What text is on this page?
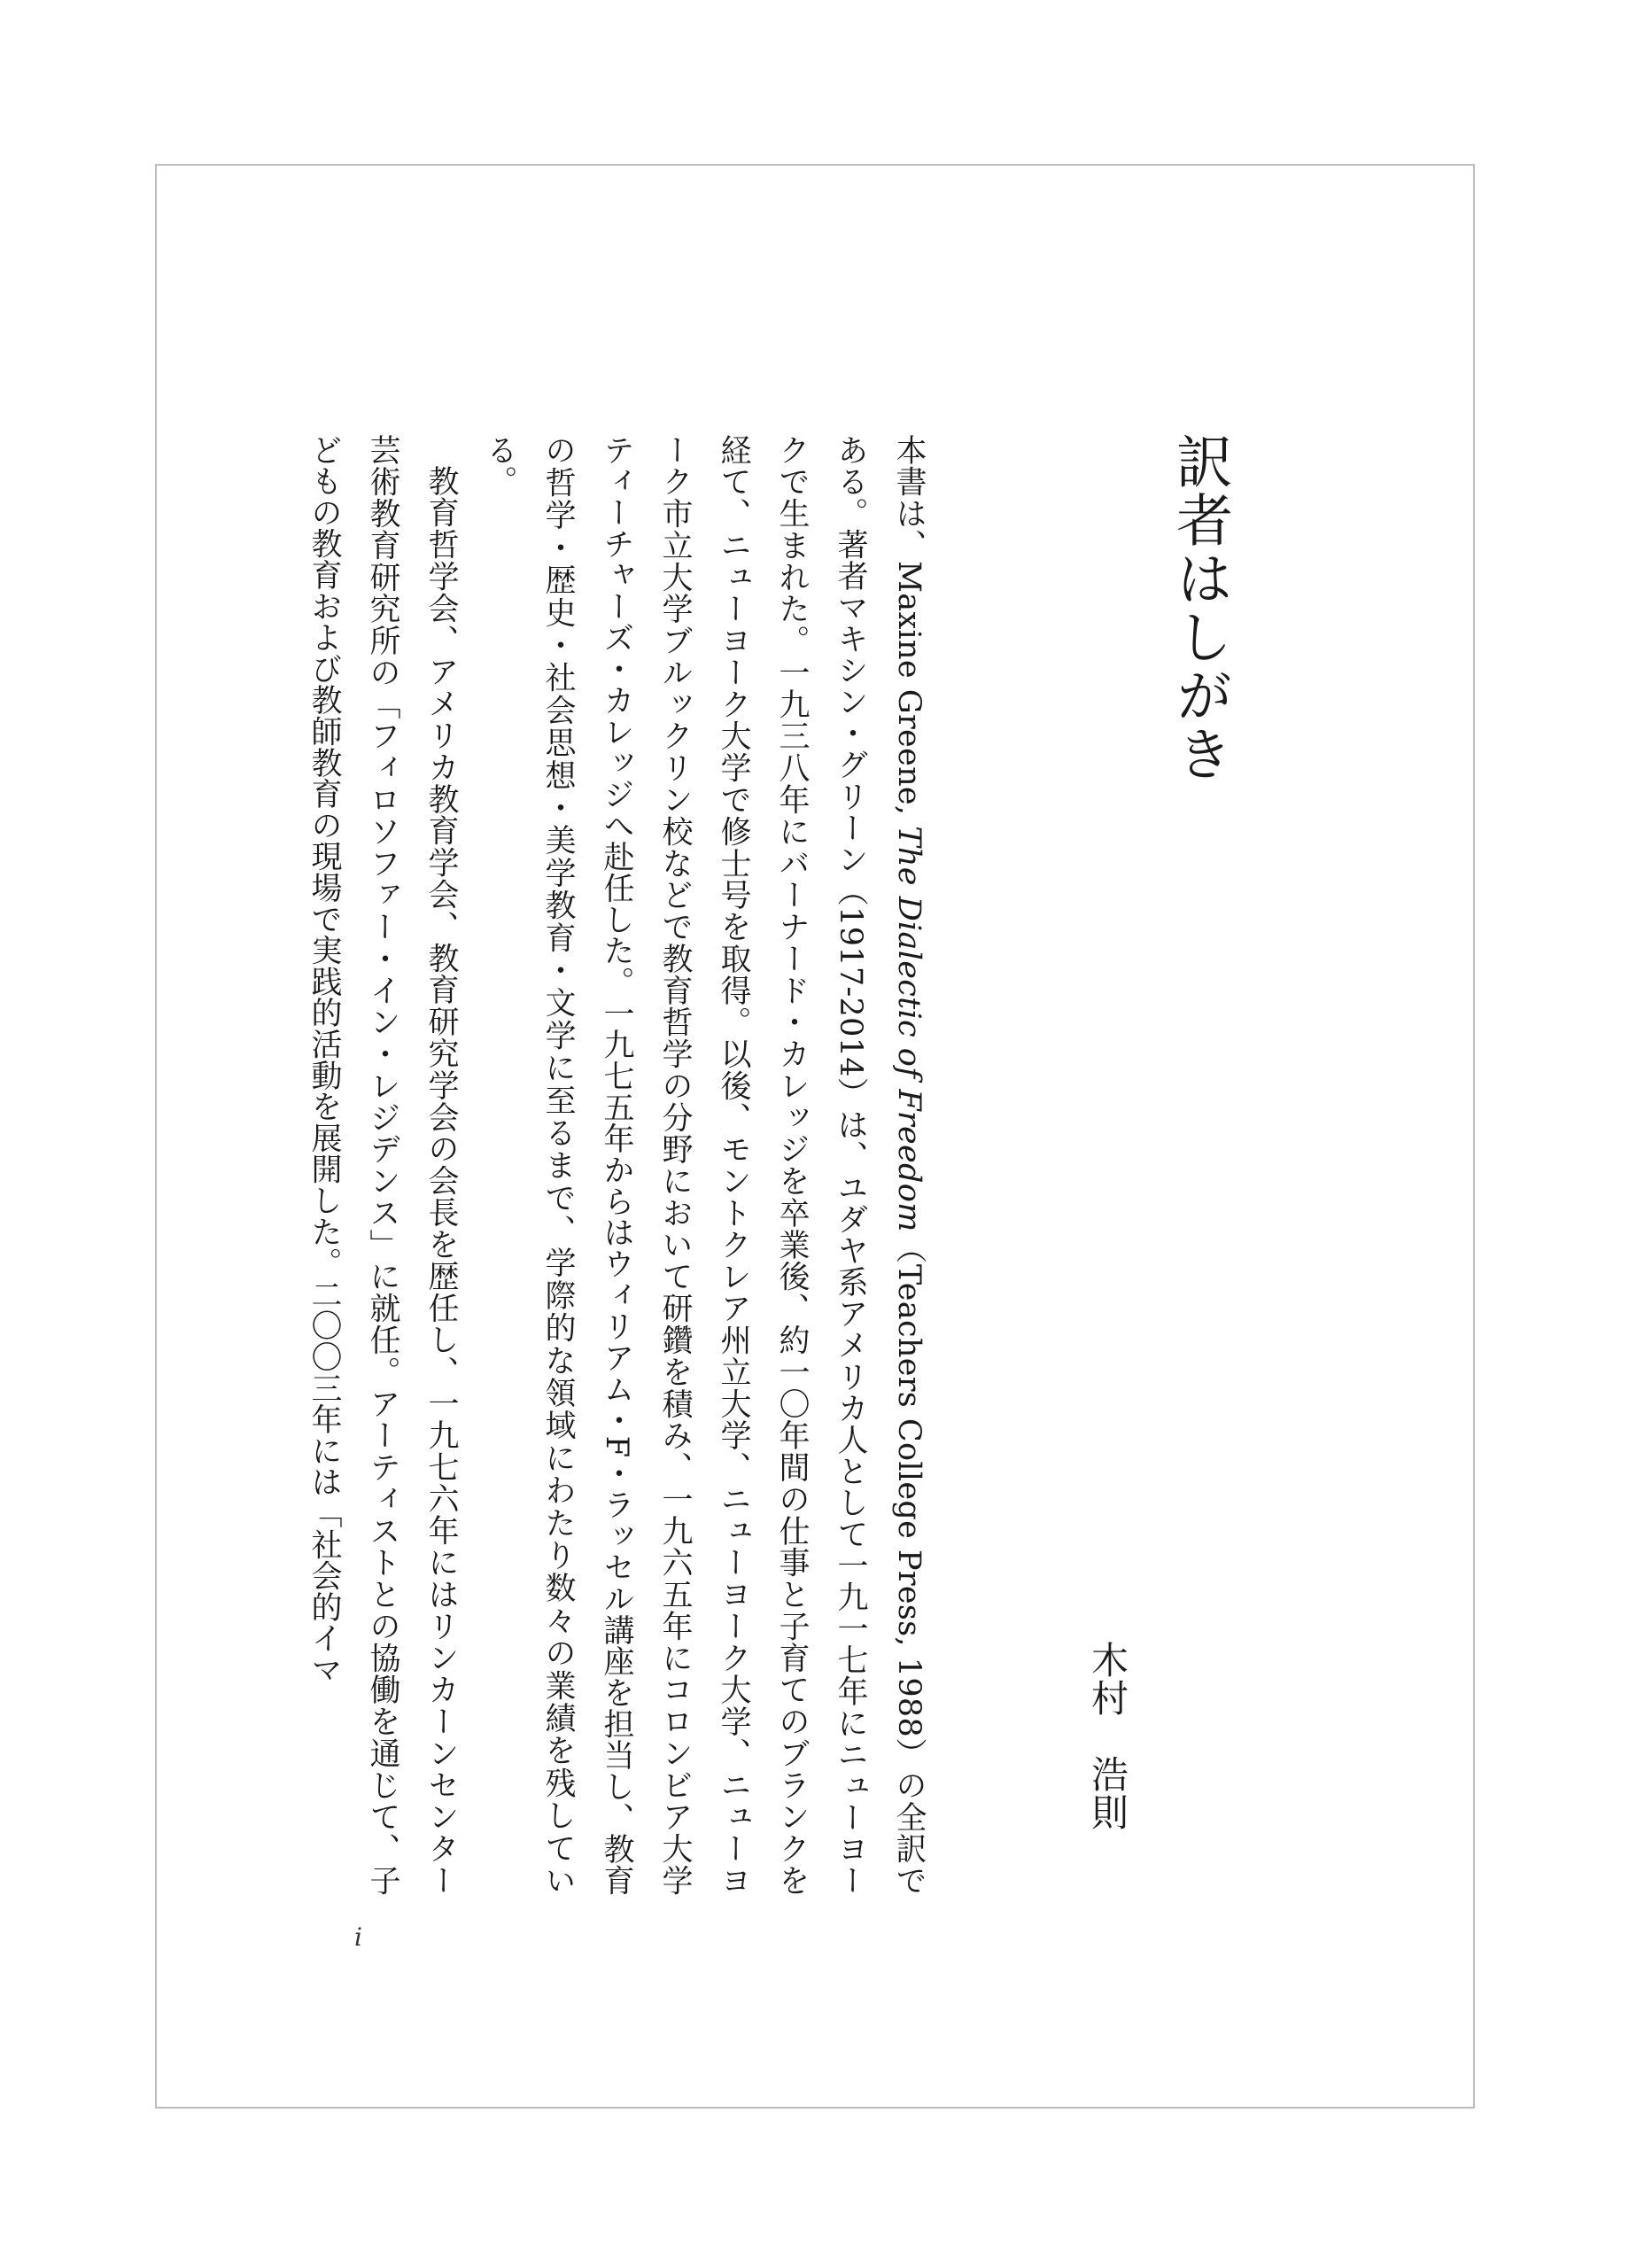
訳者はしがき
木村　浩則

本書は、Maxine Greene, The Dialectic of Freedom（Teachers College Press, 1988）の全訳である。著者マキシン・グリーン（1917-2014）は、ユダヤ系アメリカ人として一九一七年にニューヨークで生まれた。一九三八年にバーナード・カレッジを卒業後、約一〇年間の仕事と子育てのブランクを経て、ニューヨーク大学で修士号を取得。以後、モントクレア州立大学、ニューヨーク大学、ニューヨーク市立大学ブルックリン校などで教育哲学の分野において研鑽を積み、一九六五年にコロンビア大学ティーチャーズ・カレッジへ赴任した。一九七五年からはウィリアム・F・ラッセル講座を担当し、教育の哲学・歴史・社会思想・美学教育・文学に至るまで、学際的な領域にわたり数々の業績を残している。

教育哲学会、アメリカ教育学会、教育研究学会の会長を歴任し、一九七六年にはリンカーンセンター芸術教育研究所の「フィロソファー・イン・レジデンス」に就任。アーティストとの協働を通じて、子どもの教育および教師教育の現場で実践的活動を展開した。二〇〇三年には「社会的イマ

i
